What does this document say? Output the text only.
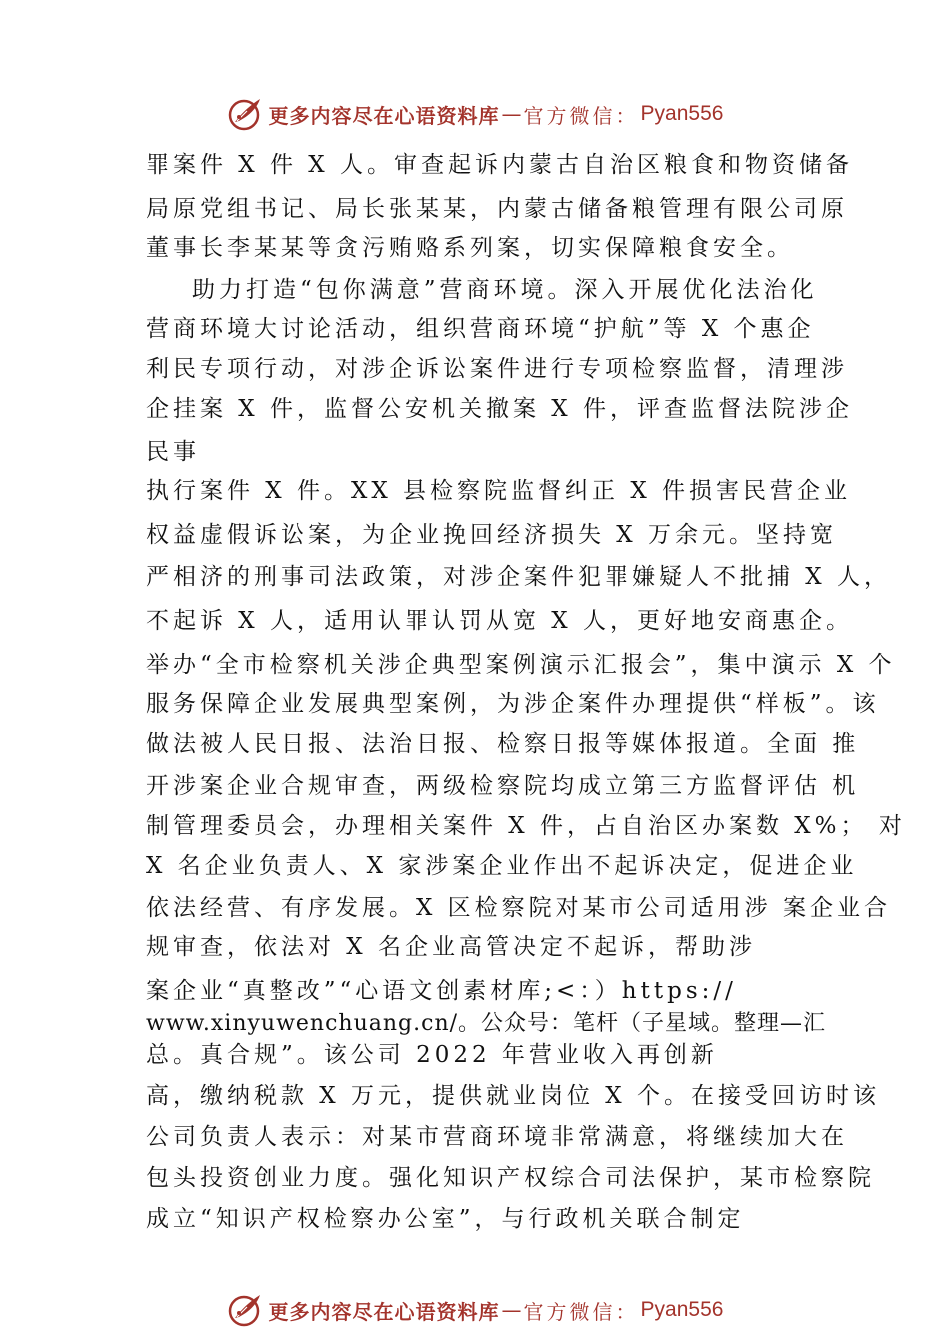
更多内容尽在心语资料库 — 官方微信： Pyan556
罪案件 X 件 X 人。审查起诉内蒙古自治区粮食和物资储备
局原党组书记、局长张某某，内蒙古储备粮管理有限公司原
董事长李某某等贪污贿赂系列案，切实保障粮食安全。
助力打造“包你满意”营商环境。深入开展优化法治化
营商环境大讨论活动，组织营商环境“护航”等 X 个惠企
利民专项行动，对涉企诉讼案件进行专项检察监督，清理涉
企挂案 X 件，监督公安机关撤案 X 件，评查监督法院涉企
民事
执行案件 X 件。XX 县检察院监督纠正 X 件损害民营企业
权益虚假诉讼案，为企业挽回经济损失 X 万余元。坚持宽
严相济的刑事司法政策，对涉企案件犯罪嫌疑人不批捕 X 人，
不起诉 X 人，适用认罪认罚从宽 X 人，更好地安商惠企。
举办“全市检察机关涉企典型案例演示汇报会”，集中演示 X 个
服务保障企业发展典型案例，为涉企案件办理提供“样板”。该
做法被人民日报、法治日报、检察日报等媒体报道。全面 推
开涉案企业合规审查，两级检察院均成立第三方监督评估 机
制管理委员会，办理相关案件 X 件，占自治区办案数 X%； 对
X 名企业负责人、X 家涉案企业作出不起诉决定，促进企业
依法经营、有序发展。X 区检察院对某市公司适用涉 案企业合
规审查，依法对 X 名企业高管决定不起诉，帮助涉
案企业“真整改”“心语文创素材库;<：）https://
www.xinyuwenchuang.cn/。公众号：笔杆（子星域。整理—汇
总。真合规”。该公司 2022 年营业收入再创新
高，缴纳税款 X 万元，提供就业岗位 X 个。在接受回访时该
公司负责人表示：对某市营商环境非常满意，将继续加大在
包头投资创业力度。强化知识产权综合司法保护，某市检察院
成立“知识产权检察办公室”，与行政机关联合制定
更多内容尽在心语资料库 — 官方微信： Pyan556
